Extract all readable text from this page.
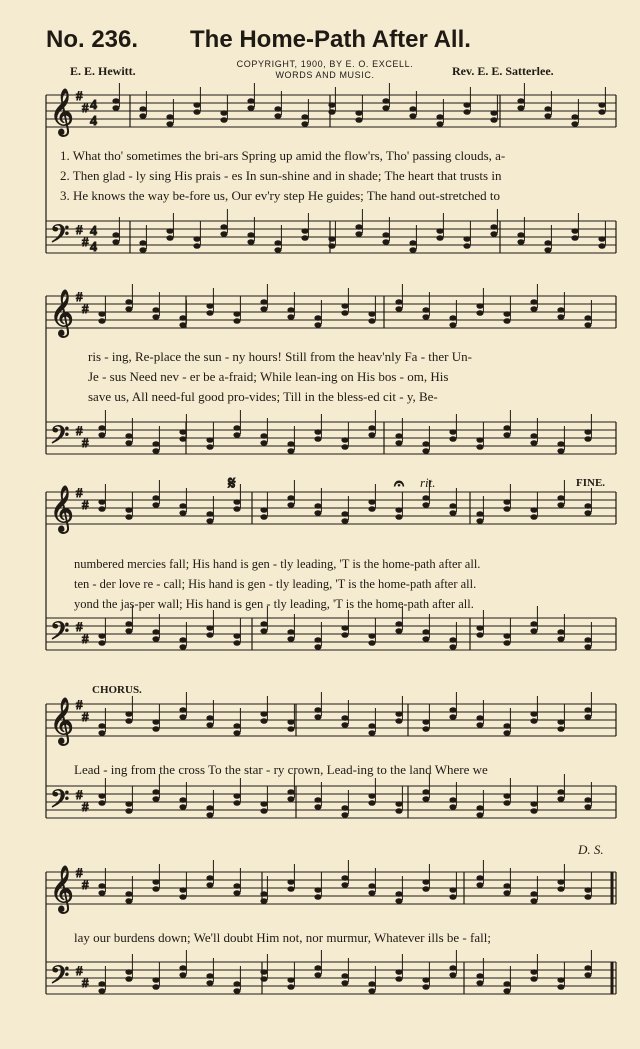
No. 236. The Home-Path After All.
E. E. Hewitt.	COPYRIGHT, 1900, BY E. O. EXCELL.
WORDS AND MUSIC.	Rev. E. E. Satterlee.
𝄞
𝄢
#
#
#
#
4
4
4
4
𝄞
𝄢
#
#
#
#
𝄞
𝄢
#
#
#
#
𝄞
𝄢
#
#
#
#
𝄞
𝄢
#
#
#
#
𝄋	𝄐
1. What tho' sometimes the bri-ars Spring up amid the flow'rs, Tho' passing clouds, a-
2. Then glad - ly sing His prais - es In sun-shine and in shade; The heart that trusts in
3. He knows the way be-fore us, Our ev'ry step He guides; The hand out-stretched to
ris - ing, Re-place the sun - ny hours! Still from the heav'nly Fa - ther Un-
Je - sus Need nev - er be a-fraid; While lean-ing on His bos - om, His
save us, All need-ful good pro-vides; Till in the bless-ed cit - y, Be-
rit.	FINE.
numbered mercies fall; His hand is gen - tly leading, 'T is the home-path after all.
ten - der love re - call; His hand is gen - tly leading, 'T is the home-path after all.
yond the jas-per wall; His hand is gen - tly leading, 'T is the home-path after all.
CHORUS.
Lead - ing from the cross To the star - ry crown, Lead-ing to the land Where we
D. S.
lay our burdens down; We'll doubt Him not, nor murmur, Whatever ills be - fall;
